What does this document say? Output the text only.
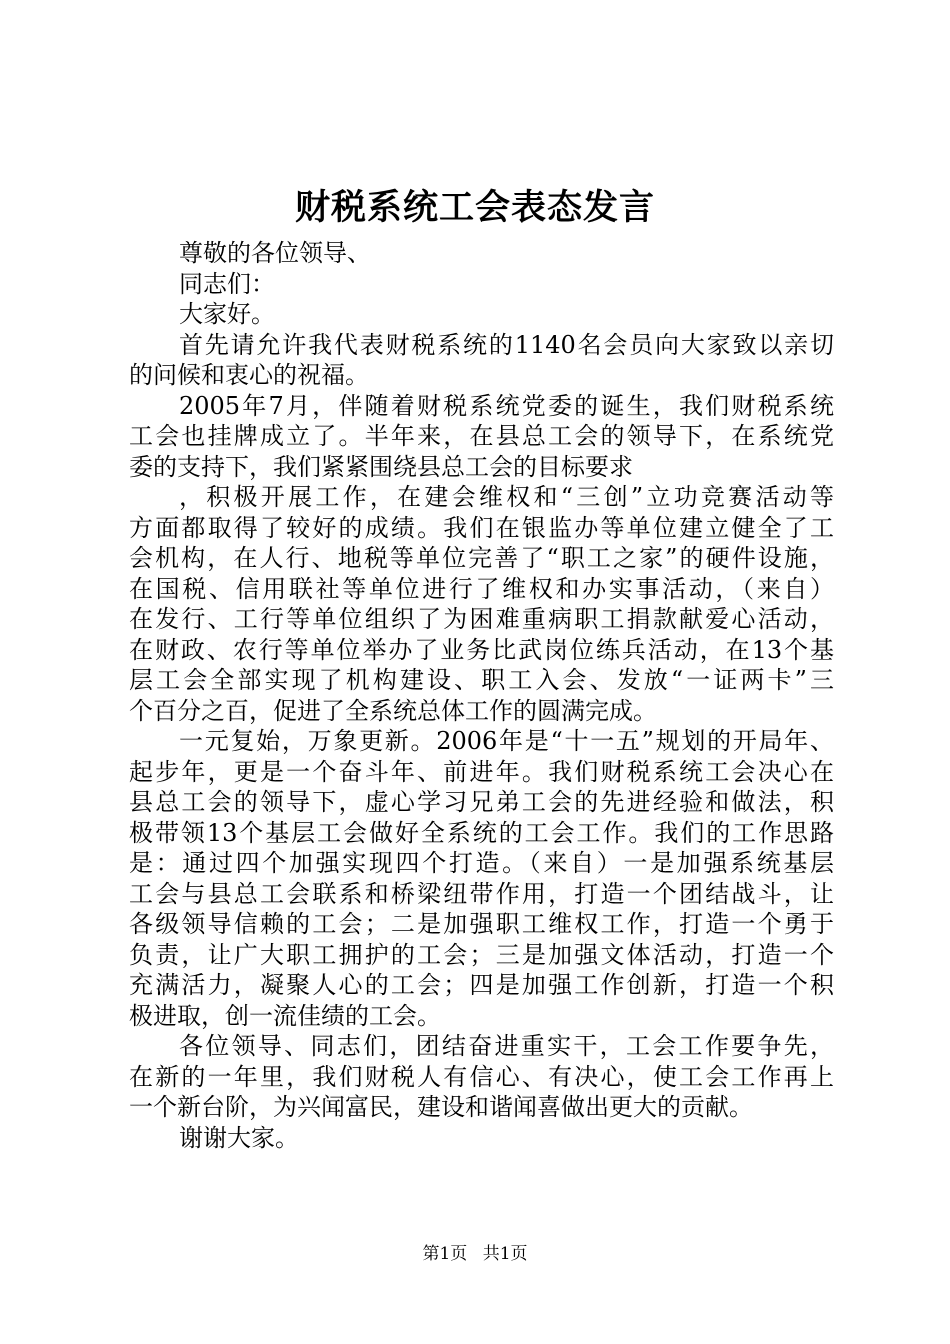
财税系统工会表态发言
尊敬的各位领导、
同志们：
大家好。
首先请允许我代表财税系统的1140名会员向大家致以亲切
的问候和衷心的祝福。
2005年7月，伴随着财税系统党委的诞生，我们财税系统
工会也挂牌成立了。半年来，在县总工会的领导下，在系统党
委的支持下，我们紧紧围绕县总工会的目标要求
，积极开展工作，在建会维权和“三创”立功竞赛活动等
方面都取得了较好的成绩。我们在银监办等单位建立健全了工
会机构，在人行、地税等单位完善了“职工之家”的硬件设施，
在国税、信用联社等单位进行了维权和办实事活动，（来自）
在发行、工行等单位组织了为困难重病职工捐款献爱心活动，
在财政、农行等单位举办了业务比武岗位练兵活动，在13个基
层工会全部实现了机构建设、职工入会、发放“一证两卡”三
个百分之百，促进了全系统总体工作的圆满完成。
一元复始，万象更新。2006年是“十一五”规划的开局年、
起步年，更是一个奋斗年、前进年。我们财税系统工会决心在
县总工会的领导下，虚心学习兄弟工会的先进经验和做法，积
极带领13个基层工会做好全系统的工会工作。我们的工作思路
是：通过四个加强实现四个打造。（来自）一是加强系统基层
工会与县总工会联系和桥梁纽带作用，打造一个团结战斗，让
各级领导信赖的工会；二是加强职工维权工作，打造一个勇于
负责，让广大职工拥护的工会；三是加强文体活动，打造一个
充满活力，凝聚人心的工会；四是加强工作创新，打造一个积
极进取，创一流佳绩的工会。
各位领导、同志们，团结奋进重实干，工会工作要争先，
在新的一年里，我们财税人有信心、有决心，使工会工作再上
一个新台阶，为兴闻富民，建设和谐闻喜做出更大的贡献。
谢谢大家。
第1页 共1页
